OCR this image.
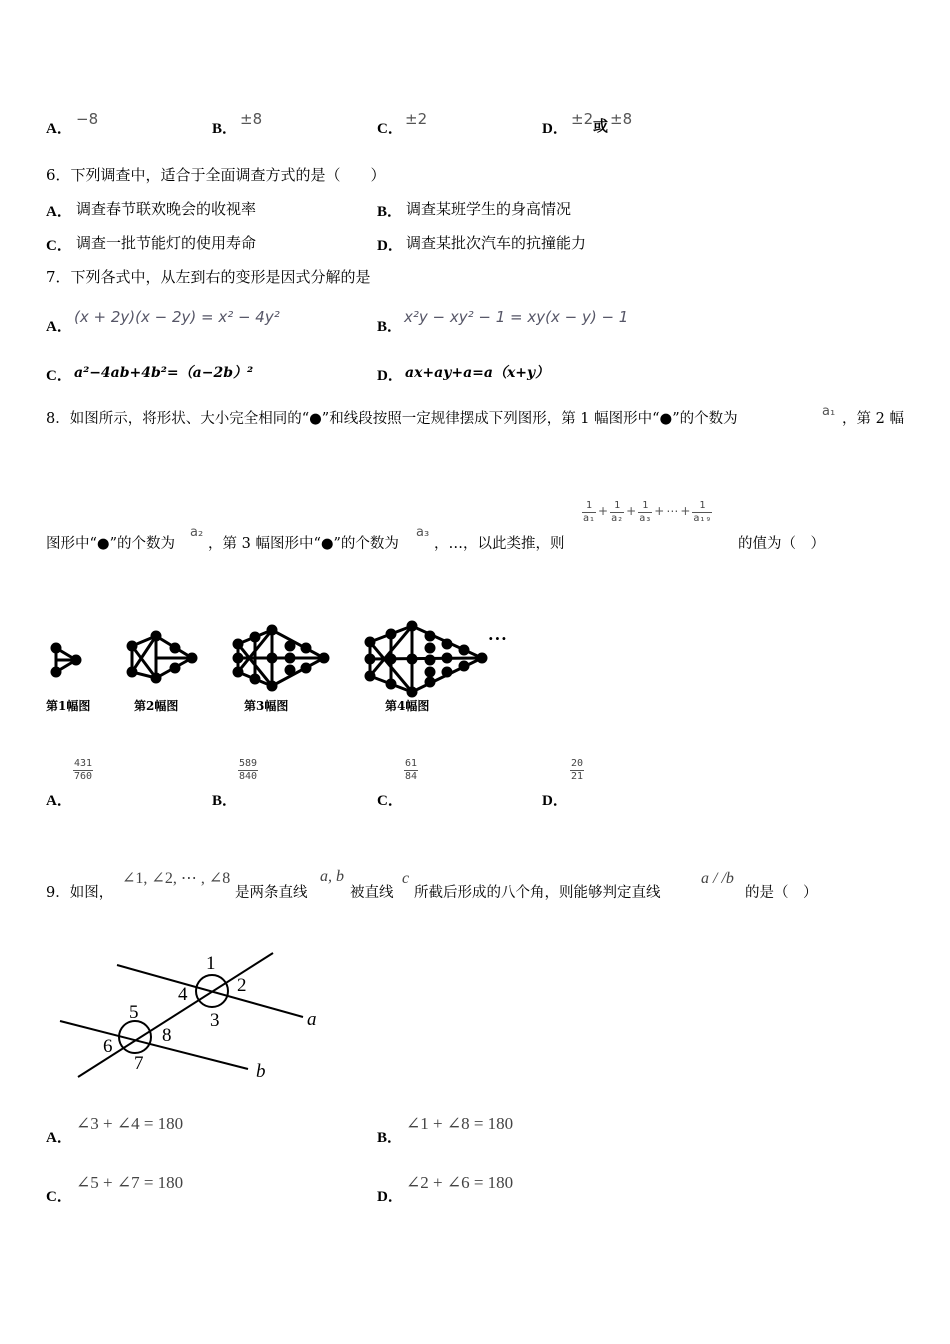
A．
−8
B．
±8
C．
±2
D．
±2 或 ±8
6．下列调查中，适合于全面调查方式的是（　　）
A． 调查春节联欢晚会的收视率	B． 调查某班学生的身高情况
C． 调查一批节能灯的使用寿命	D． 调查某批次汽车的抗撞能力
7．下列各式中，从左到右的变形是因式分解的是
A．
(x + 2y)(x − 2y) = x² − 4y²
B．
x²y − xy² − 1 = xy(x − y) − 1
C． a²−4ab+4b²=（a−2b）²	D． ax+ay+a=a（x+y）
8．如图所示，将形状、大小完全相同的“●”和线段按照一定规律摆成下列图形，第 1 幅图形中“●”的个数为	a₁ ，第 2 幅
图形中“●”的个数为
a₂
，第 3 幅图形中“●”的个数为
a₃
，…，以此类推，则
$\frac{1}{\text{a₁}} ^+ \frac{1}{\text{a₂}} ^+ \frac{1}{\text{a₃}} ^+$ ⋯ $^+ \frac{1}{\text{a₁₉}}$
的值为（　）
···
第1幅图	第2幅图	第3幅图	第4幅图
A．
$\frac{431}{760}$
B．
$\frac{589}{840}$
C．
$\frac{61}{84}$
D．
$\frac{20}{21}$
9．如图，
∠1, ∠2, ⋯ , ∠8
是两条直线
a, b
被直线
c
所截后形成的八个角，则能够判定直线
a / /b
的是（　）
1
2
3
4
5
6
7
8
a
b
A．
∠3 + ∠4 = 180
B．
∠1 + ∠8 = 180
C．
∠5 + ∠7 = 180
D．
∠2 + ∠6 = 180
